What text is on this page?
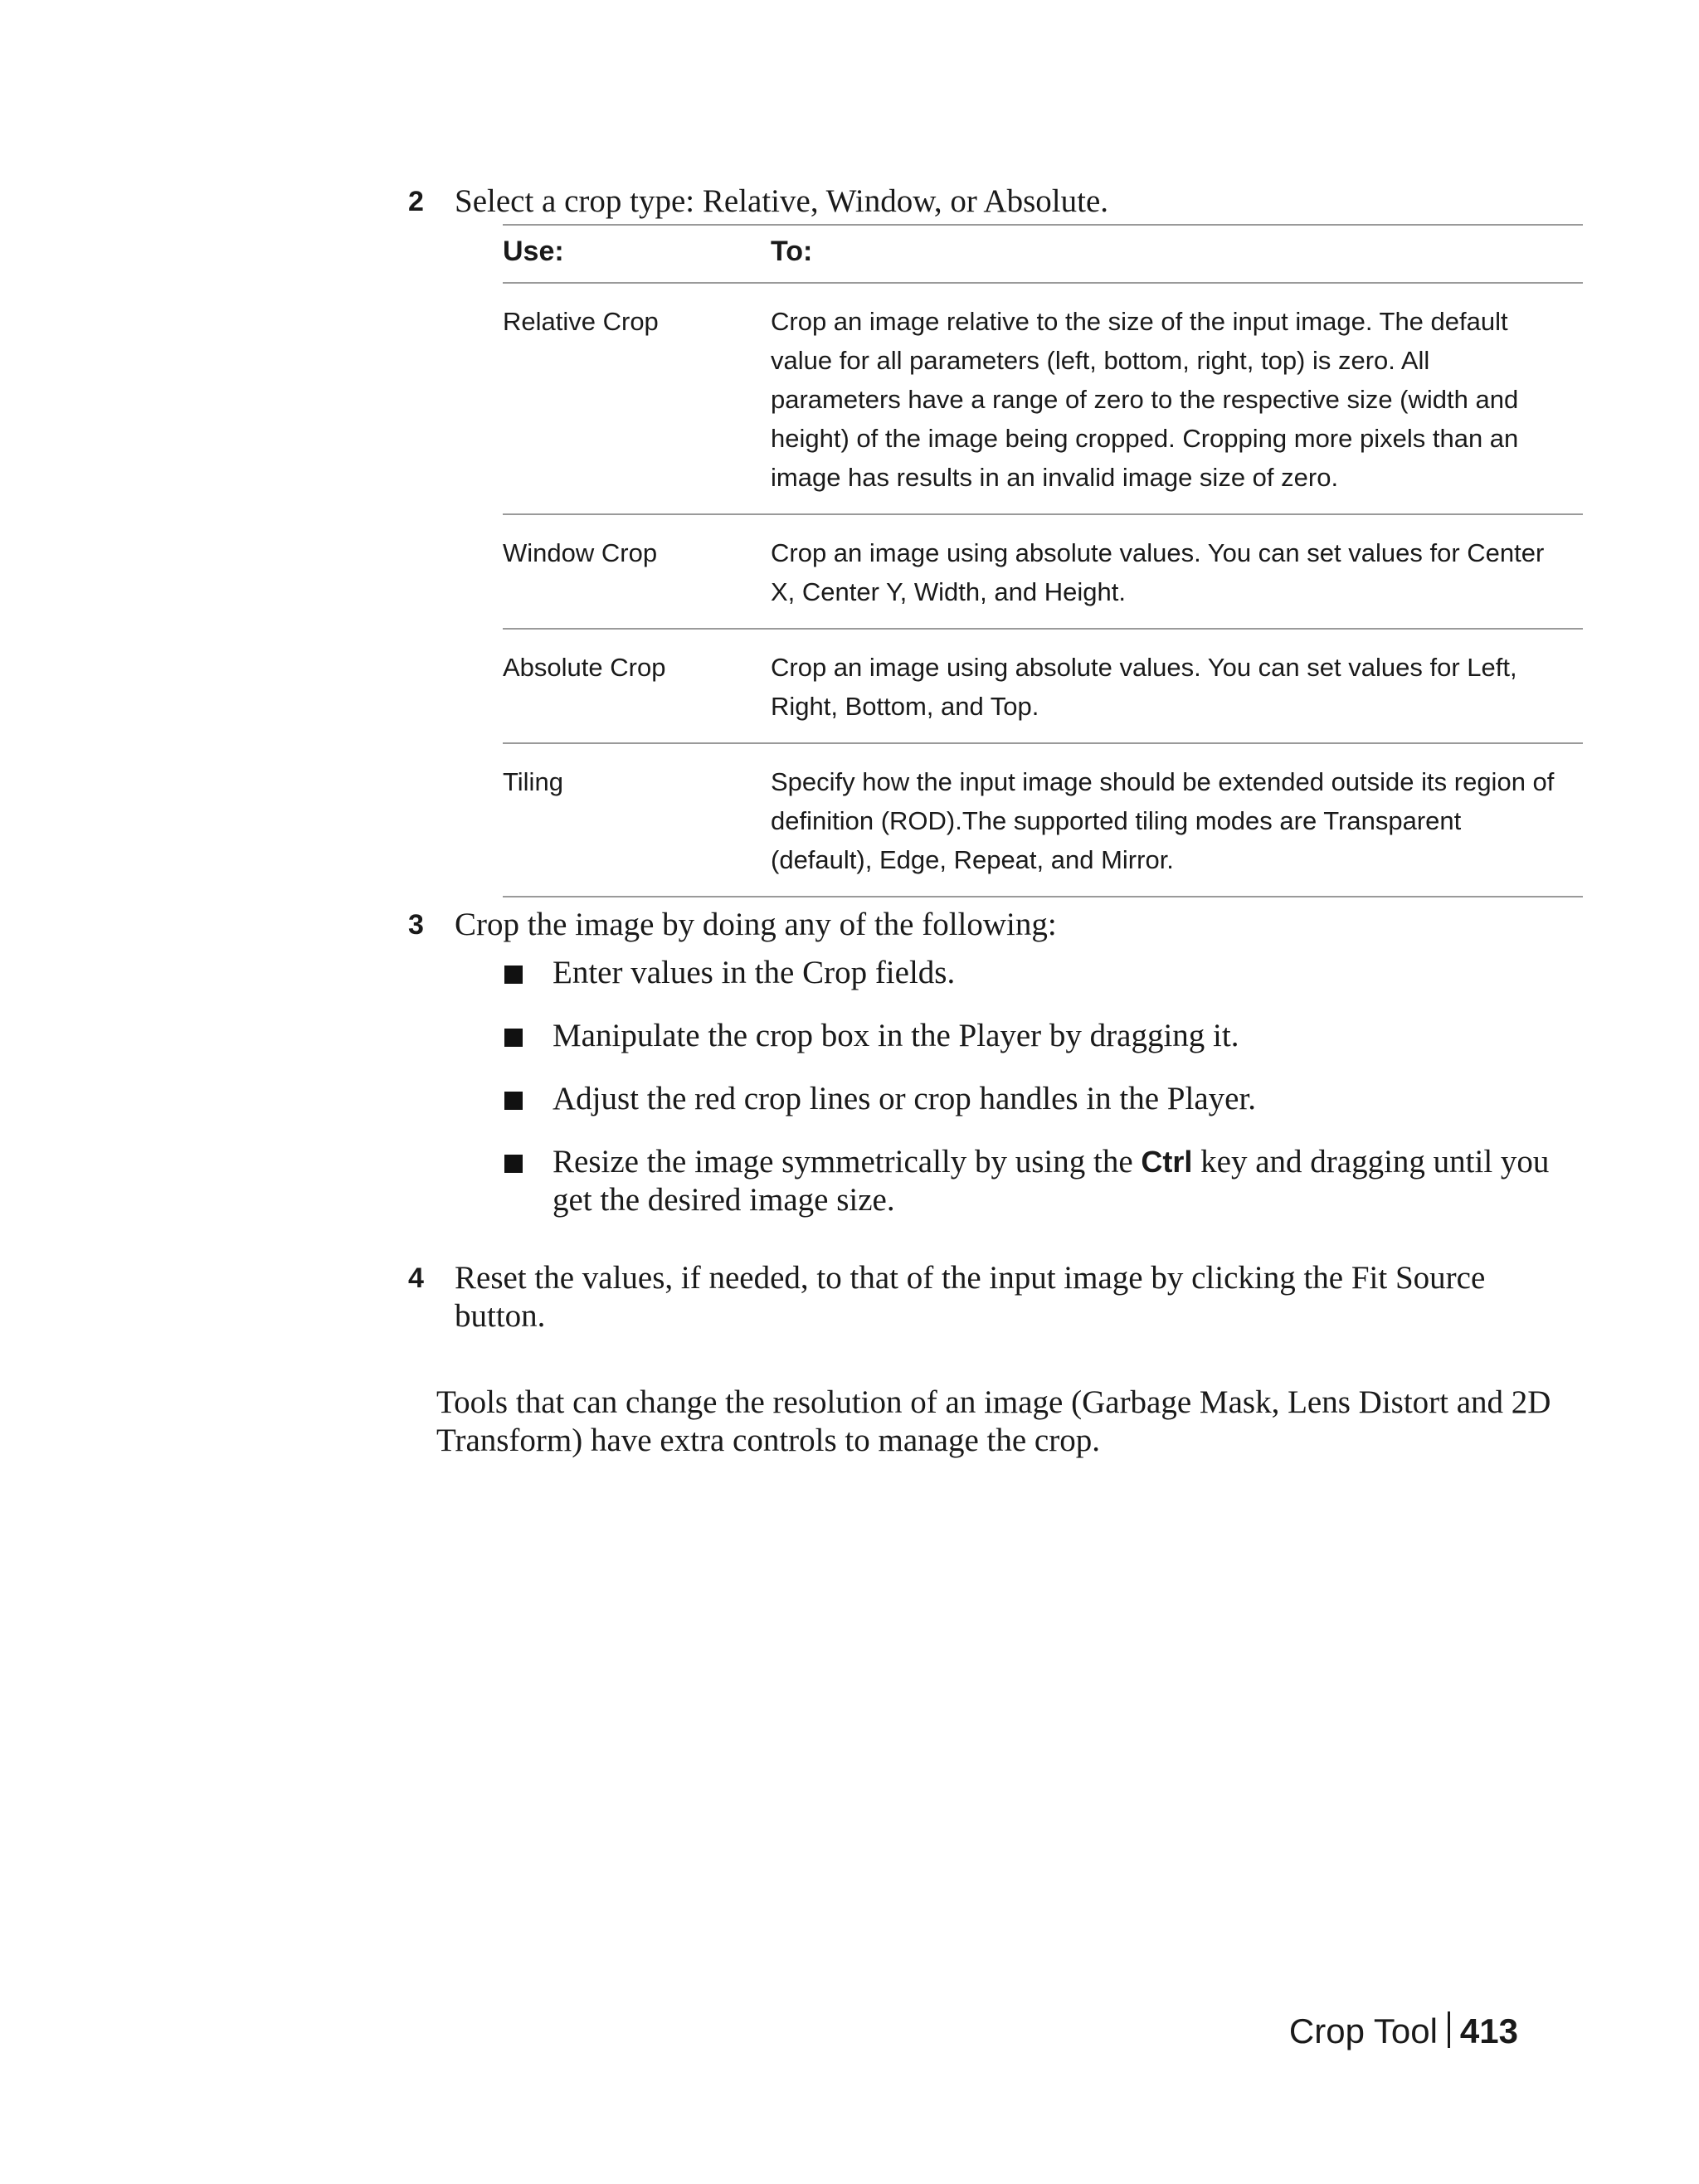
2 Select a crop type: Relative, Window, or Absolute.
Use:	To:
Relative Crop	Crop an image relative to the size of the input image. The default value for all parameters (left, bottom, right, top) is zero. All parameters have a range of zero to the respective size (width and height) of the image being cropped. Cropping more pixels than an image has results in an invalid image size of zero.
Window Crop	Crop an image using absolute values. You can set values for Center X, Center Y, Width, and Height.
Absolute Crop	Crop an image using absolute values. You can set values for Left, Right, Bottom, and Top.
Tiling	Specify how the input image should be extended outside its region of definition (ROD).The supported tiling modes are Transparent (default), Edge, Repeat, and Mirror.
3 Crop the image by doing any of the following:
Enter values in the Crop fields.
Manipulate the crop box in the Player by dragging it.
Adjust the red crop lines or crop handles in the Player.
Resize the image symmetrically by using the Ctrl key and dragging until you get the desired image size.
4 Reset the values, if needed, to that of the input image by clicking the Fit Source button.
Tools that can change the resolution of an image (Garbage Mask, Lens Distort and 2D Transform) have extra controls to manage the crop.
Crop Tool 413
